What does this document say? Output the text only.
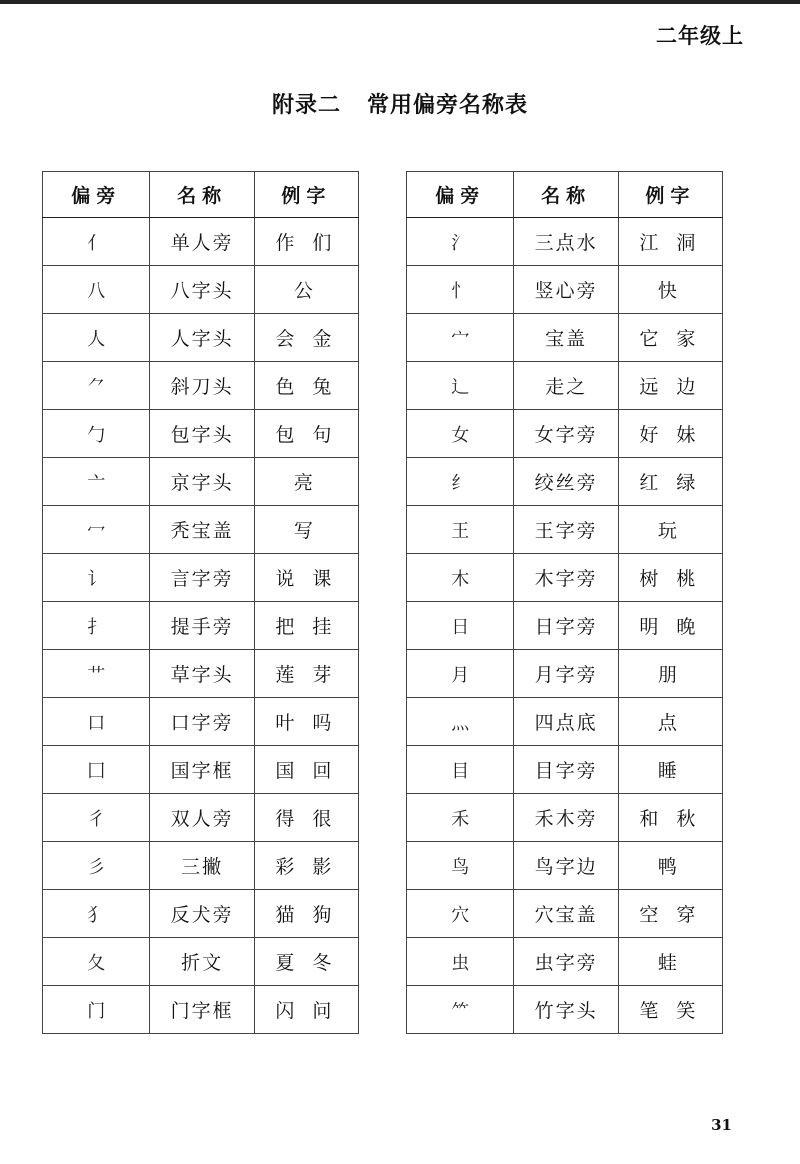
二年级上
附录二 常用偏旁名称表
偏旁	名称	例字
亻	单人旁	作 们
八	八字头	公
人	人字头	会 金
⺈	斜刀头	色 兔
勹	包字头	包 句
亠	京字头	亮
冖	秃宝盖	写
讠	言字旁	说 课
扌	提手旁	把 挂
艹	草字头	莲 芽
口	口字旁	叶 吗
囗	国字框	国 回
彳	双人旁	得 很
彡	三撇	彩 影
犭	反犬旁	猫 狗
夂	折文	夏 冬
门	门字框	闪 问
偏旁	名称	例字
氵	三点水	江 洞
忄	竖心旁	快
宀	宝盖	它 家
辶	走之	远 边
女	女字旁	好 妹
纟	绞丝旁	红 绿
王	王字旁	玩
木	木字旁	树 桃
日	日字旁	明 晚
月	月字旁	朋
灬	四点底	点
目	目字旁	睡
禾	禾木旁	和 秋
鸟	鸟字边	鸭
穴	穴宝盖	空 穿
虫	虫字旁	蛙
⺮	竹字头	笔 笑
31
